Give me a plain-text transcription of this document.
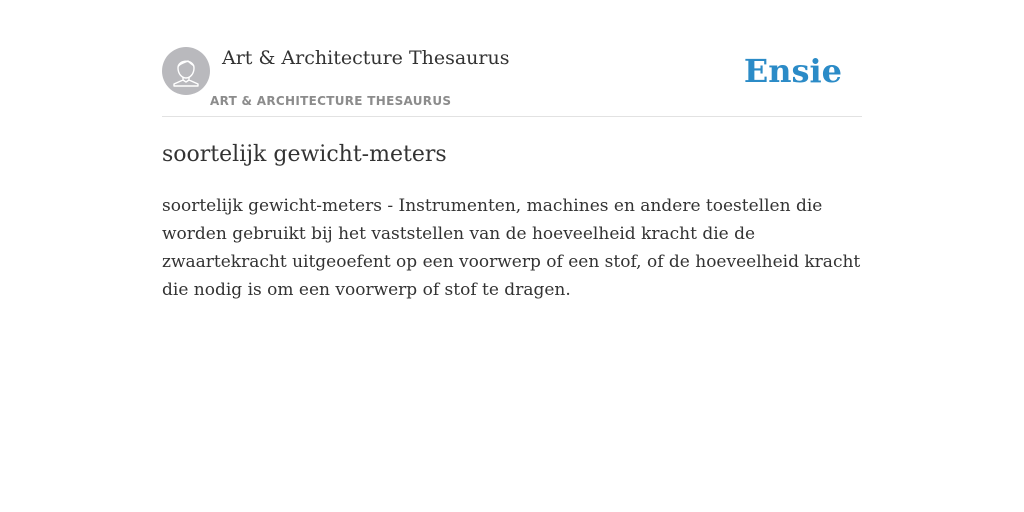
Art & Architecture Thesaurus
ART & ARCHITECTURE THESAURUS
Ensie
soortelijk gewicht-meters

soortelijk gewicht-meters - Instrumenten, machines en andere toestellen die worden gebruikt bij het vaststellen van de hoeveelheid kracht die de zwaartekracht uitgeoefent op een voorwerp of een stof, of de hoeveelheid kracht die nodig is om een voorwerp of stof te dragen.
